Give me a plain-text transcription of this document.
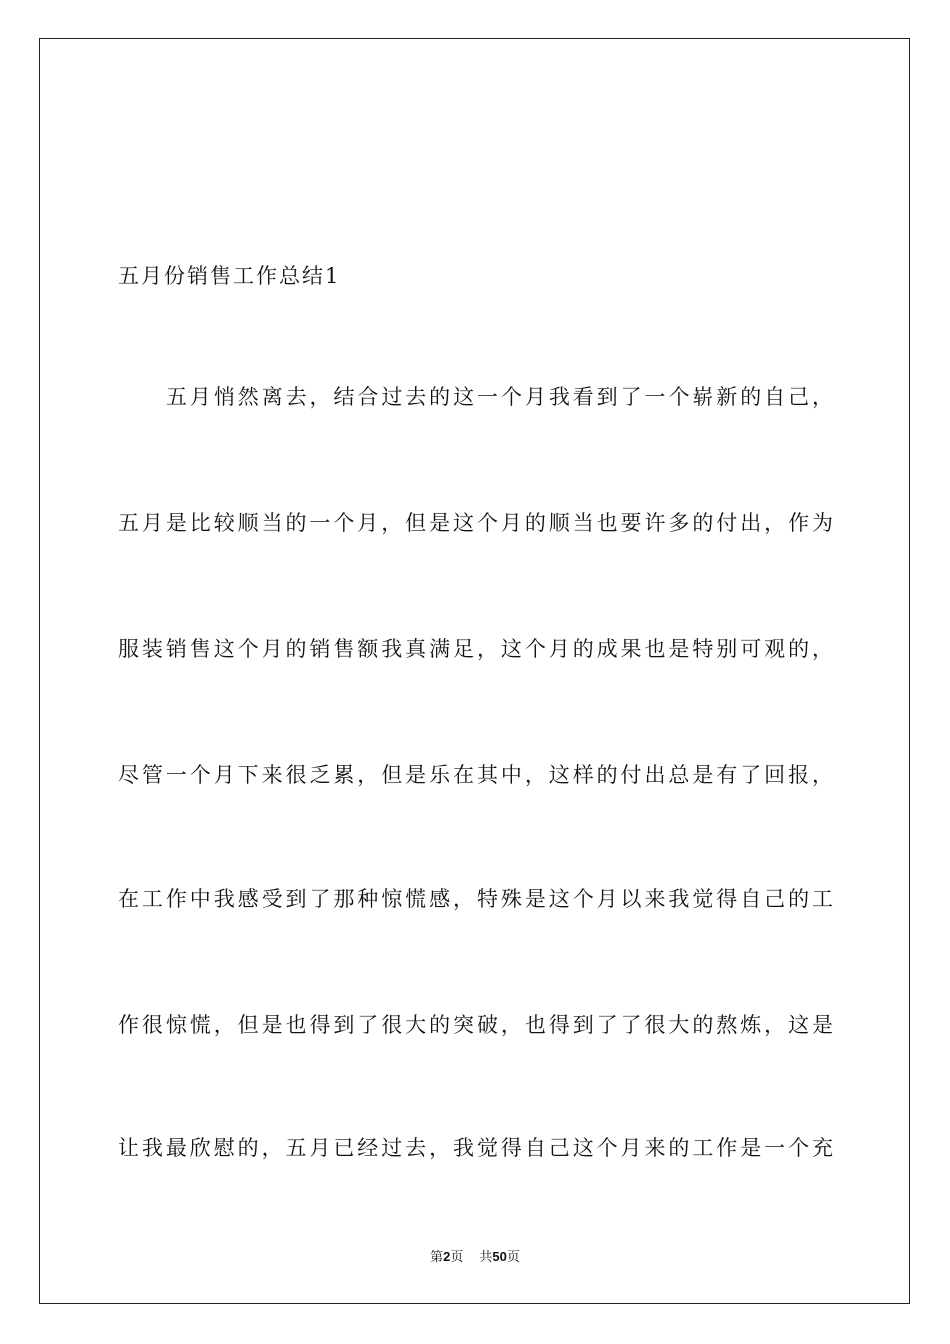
五月份销售工作总结1
五月悄然离去，结合过去的这一个月我看到了一个崭新的自己，
五月是比较顺当的一个月，但是这个月的顺当也要许多的付出，作为
服装销售这个月的销售额我真满足，这个月的成果也是特别可观的，
尽管一个月下来很乏累，但是乐在其中，这样的付出总是有了回报，
在工作中我感受到了那种惊慌感，特殊是这个月以来我觉得自己的工
作很惊慌，但是也得到了很大的突破，也得到了了很大的熬炼，这是
让我最欣慰的，五月已经过去，我觉得自己这个月来的工作是一个充
第2页 共50页
